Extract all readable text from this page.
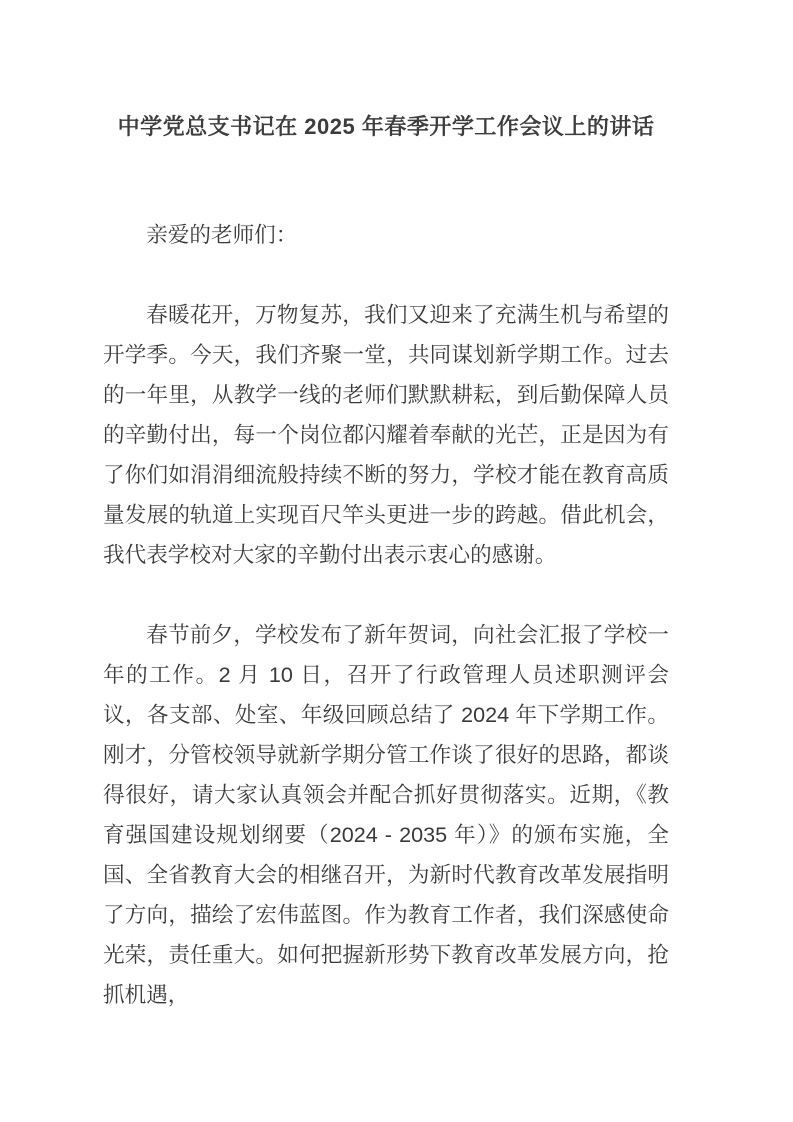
中学党总支书记在 2025 年春季开学工作会议上的讲话

亲爱的老师们：

春暖花开，万物复苏，我们又迎来了充满生机与希望的开学季。今天，我们齐聚一堂，共同谋划新学期工作。过去的一年里，从教学一线的老师们默默耕耘，到后勤保障人员的辛勤付出，每一个岗位都闪耀着奉献的光芒，正是因为有了你们如涓涓细流般持续不断的努力，学校才能在教育高质量发展的轨道上实现百尺竿头更进一步的跨越。借此机会，我代表学校对大家的辛勤付出表示衷心的感谢。

春节前夕，学校发布了新年贺词，向社会汇报了学校一年的工作。2 月 10 日，召开了行政管理人员述职测评会议，各支部、处室、年级回顾总结了 2024 年下学期工作。刚才，分管校领导就新学期分管工作谈了很好的思路，都谈得很好，请大家认真领会并配合抓好贯彻落实。近期，《教育强国建设规划纲要（2024 - 2035 年）》的颁布实施，全国、全省教育大会的相继召开，为新时代教育改革发展指明了方向，描绘了宏伟蓝图。作为教育工作者，我们深感使命光荣，责任重大。如何把握新形势下教育改革发展方向，抢抓机遇，
